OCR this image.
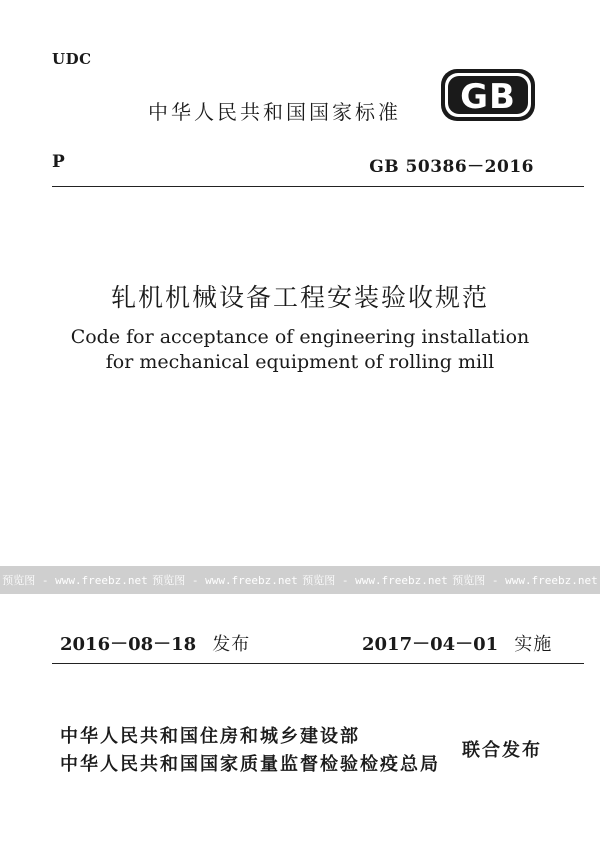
UDC
中华人民共和国国家标准 GB
P	GB 50386－2016
轧机机械设备工程安装验收规范
Code for acceptance of engineering installation
for mechanical equipment of rolling mill
预览图 - www.freebz.net 预览图 - www.freebz.net 预览图 - www.freebz.net 预览图 - www.freebz.net
2016－08－18 发布	2017－04－01 实施
中华人民共和国住房和城乡建设部
中华人民共和国国家质量监督检验检疫总局
联合发布
